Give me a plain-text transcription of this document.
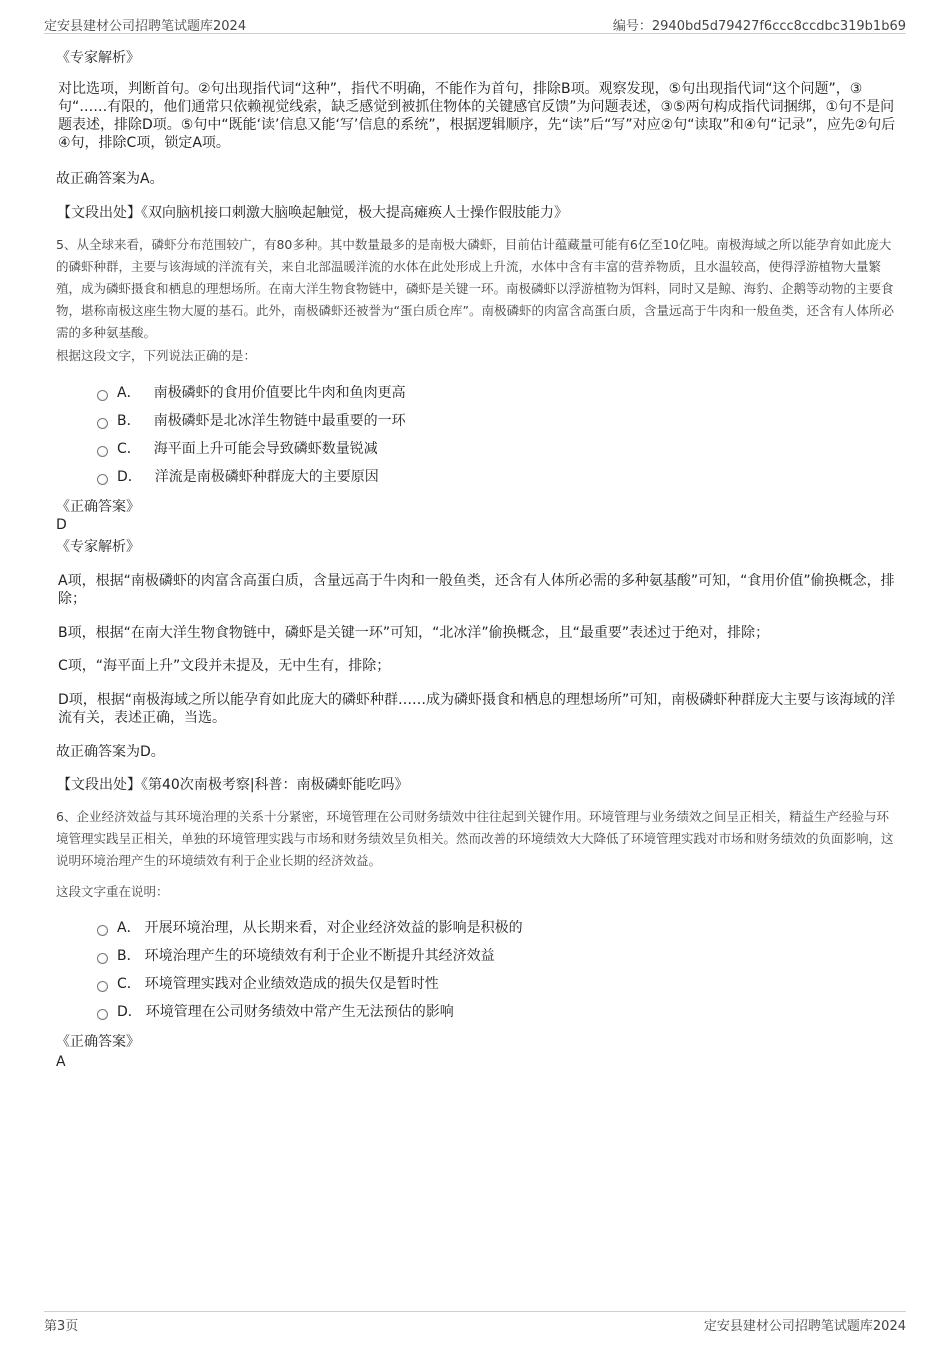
定安县建材公司招聘笔试题库2024	编号：2940bd5d79427f6ccc8ccdbc319b1b69
《专家解析》

对比选项，判断首句。②句出现指代词“这种”，指代不明确，不能作为首句，排除B项。观察发现，⑤句出现指代词“这个问题”，③句“……有限的，他们通常只依赖视觉线索，缺乏感觉到被抓住物体的关键感官反馈”为问题表述，③⑤两句构成指代词捆绑，①句不是问题表述，排除D项。⑤句中“既能‘读’信息又能‘写’信息的系统”，根据逻辑顺序，先“读”后“写”对应②句“读取”和④句“记录”，应先②句后④句，排除C项，锁定A项。

故正确答案为A。
【文段出处】《双向脑机接口刺激大脑唤起触觉，极大提高瘫痪人士操作假肢能力》

5、从全球来看，磷虾分布范围较广，有80多种。其中数量最多的是南极大磷虾，目前估计蕴藏量可能有6亿至10亿吨。南极海域之所以能孕育如此庞大的磷虾种群，主要与该海域的洋流有关，来自北部温暖洋流的水体在此处形成上升流，水体中含有丰富的营养物质，且水温较高，使得浮游植物大量繁殖，成为磷虾摄食和栖息的理想场所。在南大洋生物食物链中，磷虾是关键一环。南极磷虾以浮游植物为饵料，同时又是鲸、海豹、企鹅等动物的主要食物，堪称南极这座生物大厦的基石。此外，南极磷虾还被誉为“蛋白质仓库”。南极磷虾的肉富含高蛋白质，含量远高于牛肉和一般鱼类，还含有人体所必需的多种氨基酸。

根据这段文字，下列说法正确的是：
A． 南极磷虾的食用价值要比牛肉和鱼肉更高
B． 南极磷虾是北冰洋生物链中最重要的一环
C． 海平面上升可能会导致磷虾数量锐减
D． 洋流是南极磷虾种群庞大的主要原因
《正确答案》
D
《专家解析》

A项，根据“南极磷虾的肉富含高蛋白质，含量远高于牛肉和一般鱼类，还含有人体所必需的多种氨基酸”可知，“食用价值”偷换概念，排除；

B项，根据“在南大洋生物食物链中，磷虾是关键一环”可知，“北冰洋”偷换概念，且“最重要”表述过于绝对，排除；

C项，“海平面上升”文段并未提及，无中生有，排除；

D项，根据“南极海域之所以能孕育如此庞大的磷虾种群……成为磷虾摄食和栖息的理想场所”可知，南极磷虾种群庞大主要与该海域的洋流有关，表述正确，当选。

故正确答案为D。
【文段出处】《第40次南极考察|科普：南极磷虾能吃吗》

6、企业经济效益与其环境治理的关系十分紧密，环境管理在公司财务绩效中往往起到关键作用。环境管理与业务绩效之间呈正相关，精益生产经验与环境管理实践呈正相关，单独的环境管理实践与市场和财务绩效呈负相关。然而改善的环境绩效大大降低了环境管理实践对市场和财务绩效的负面影响，这说明环境治理产生的环境绩效有利于企业长期的经济效益。

这段文字重在说明：
A． 开展环境治理，从长期来看，对企业经济效益的影响是积极的
B． 环境治理产生的环境绩效有利于企业不断提升其经济效益
C． 环境管理实践对企业绩效造成的损失仅是暂时性
D． 环境管理在公司财务绩效中常产生无法预估的影响
《正确答案》
A
第3页	定安县建材公司招聘笔试题库2024
